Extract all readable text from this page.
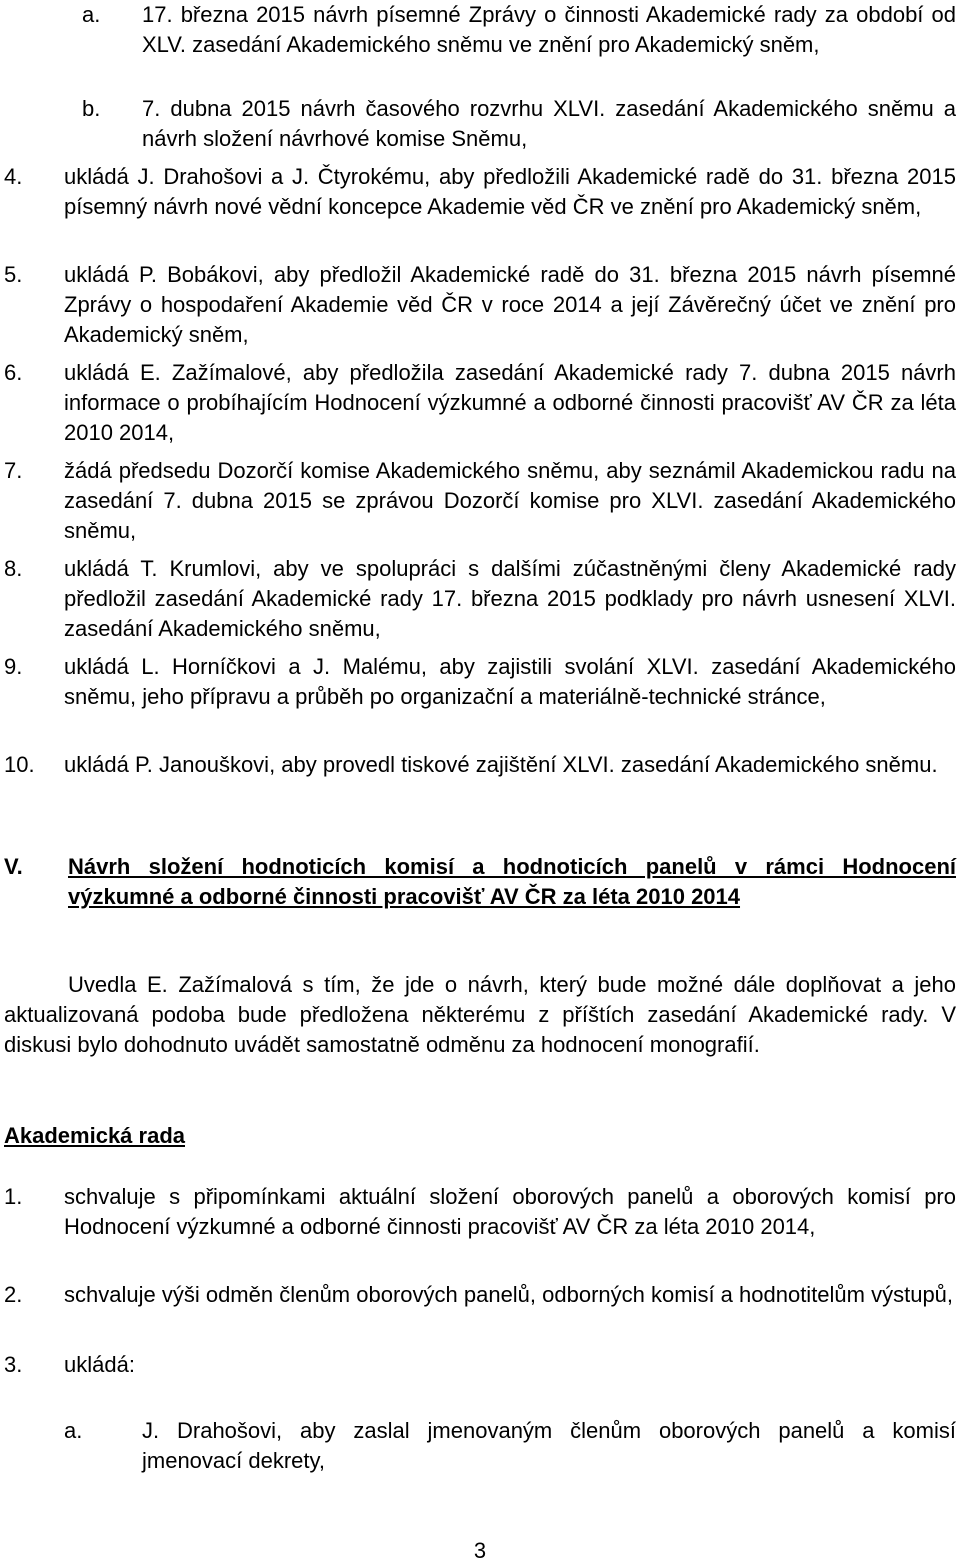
a. 17. března 2015 návrh písemné Zprávy o činnosti Akademické rady za období od XLV. zasedání Akademického sněmu ve znění pro Akademický sněm,
b. 7. dubna 2015 návrh časového rozvrhu XLVI. zasedání Akademického sněmu a návrh složení návrhové komise Sněmu,
4. ukládá J. Drahošovi a J. Čtyrokému, aby předložili Akademické radě do 31. března 2015 písemný návrh nové vědní koncepce Akademie věd ČR ve znění pro Akademický sněm,
5. ukládá P. Bobákovi, aby předložil Akademické radě do 31. března 2015 návrh písemné Zprávy o hospodaření Akademie věd ČR v roce 2014 a její Závěrečný účet ve znění pro Akademický sněm,
6. ukládá E. Zažímalové, aby předložila zasedání Akademické rady 7. dubna 2015 návrh informace o probíhajícím Hodnocení výzkumné a odborné činnosti pracovišť AV ČR za léta 2010 2014,
7. žádá předsedu Dozorčí komise Akademického sněmu, aby seznámil Akademickou radu na zasedání 7. dubna 2015 se zprávou Dozorčí komise pro XLVI. zasedání Akademického sněmu,
8. ukládá T. Krumlovi, aby ve spolupráci s dalšími zúčastněnými členy Akademické rady předložil zasedání Akademické rady 17. března 2015 podklady pro návrh usnesení XLVI. zasedání Akademického sněmu,
9. ukládá L. Horníčkovi a J. Malému, aby zajistili svolání XLVI. zasedání Akademického sněmu, jeho přípravu a průběh po organizační a materiálně-technické stránce,
10. ukládá P. Janouškovi, aby provedl tiskové zajištění XLVI. zasedání Akademického sněmu.
V. Návrh složení hodnoticích komisí a hodnoticích panelů v rámci Hodnocení výzkumné a odborné činnosti pracovišť AV ČR za léta 2010 2014
Uvedla E. Zažímalová s tím, že jde o návrh, který bude možné dále doplňovat a jeho aktualizovaná podoba bude předložena některému z příštích zasedání Akademické rady. V diskusi bylo dohodnuto uvádět samostatně odměnu za hodnocení monografií.
Akademická rada
1. schvaluje s připomínkami aktuální složení oborových panelů a oborových komisí pro Hodnocení výzkumné a odborné činnosti pracovišť AV ČR za léta 2010 2014,
2. schvaluje výši odměn členům oborových panelů, odborných komisí a hodnotitelům výstupů,
3. ukládá:
a.	J. Drahošovi, aby zaslal jmenovaným členům oborových panelů a komisí jmenovací dekrety,
3
